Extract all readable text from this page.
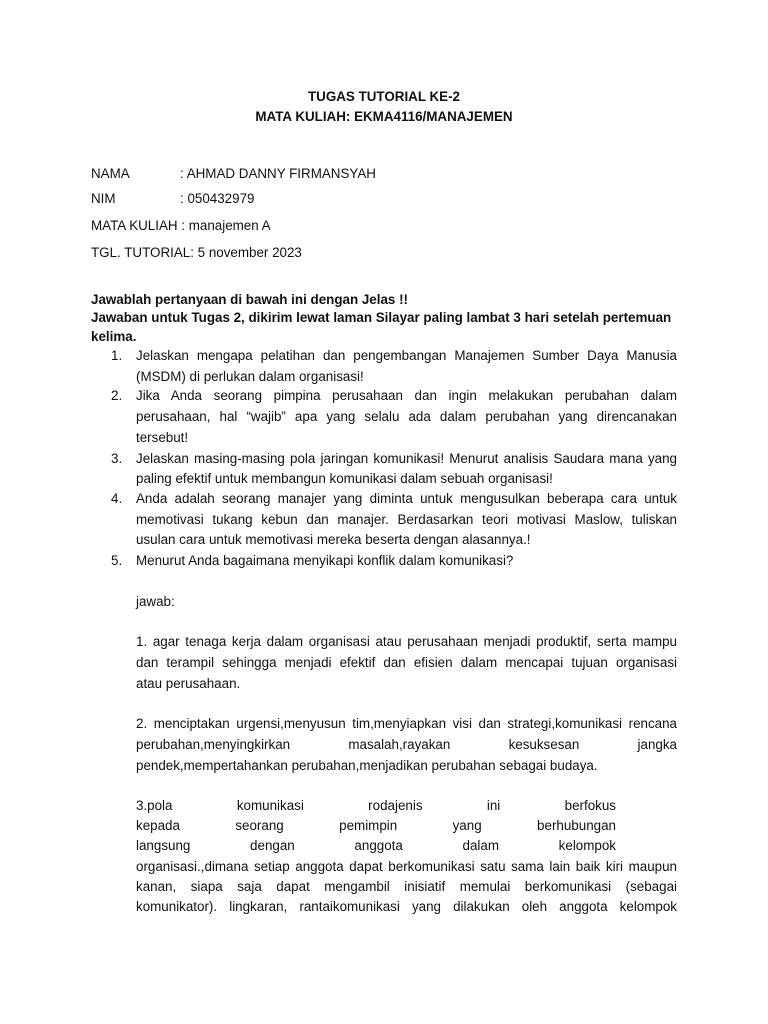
TUGAS TUTORIAL KE-2

MATA KULIAH: EKMA4116/MANAJEMEN

NAMA	: AHMAD DANNY FIRMANSYAH

NIM	: 050432979

MATA KULIAH : manajemen A

TGL. TUTORIAL: 5 november 2023

Jawablah pertanyaan di bawah ini dengan Jelas !!

Jawaban untuk Tugas 2, dikirim lewat laman Silayar paling lambat 3 hari setelah pertemuan

kelima.

1. Jelaskan mengapa pelatihan dan pengembangan Manajemen Sumber Daya Manusia

(MSDM) di perlukan dalam organisasi!

2. Jika Anda seorang pimpina perusahaan dan ingin melakukan perubahan dalam

perusahaan, hal “wajib” apa yang selalu ada dalam perubahan yang direncanakan

tersebut!

3. Jelaskan masing-masing pola jaringan komunikasi! Menurut analisis Saudara mana yang

paling efektif untuk membangun komunikasi dalam sebuah organisasi!

4. Anda adalah seorang manajer yang diminta untuk mengusulkan beberapa cara untuk

memotivasi tukang kebun dan manajer. Berdasarkan teori motivasi Maslow, tuliskan

usulan cara untuk memotivasi mereka beserta dengan alasannya.!

5. Menurut Anda bagaimana menyikapi konflik dalam komunikasi?

jawab:

1. agar tenaga kerja dalam organisasi atau perusahaan menjadi produktif, serta mampu

dan terampil sehingga menjadi efektif dan efisien dalam mencapai tujuan organisasi

atau perusahaan.

2. menciptakan urgensi,menyusun tim,menyiapkan visi dan strategi,komunikasi rencana

perubahan,menyingkirkan masalah,rayakan kesuksesan jangka

pendek,mempertahankan perubahan,menjadikan perubahan sebagai budaya.

3.pola komunikasi rodajenis ini berfokus

kepada seorang pemimpin yang berhubungan

langsung dengan anggota dalam kelompok

organisasi.,dimana setiap anggota dapat berkomunikasi satu sama lain baik kiri maupun

kanan, siapa saja dapat mengambil inisiatif memulai berkomunikasi (sebagai

komunikator). lingkaran, rantaikomunikasi yang dilakukan oleh anggota kelompok
